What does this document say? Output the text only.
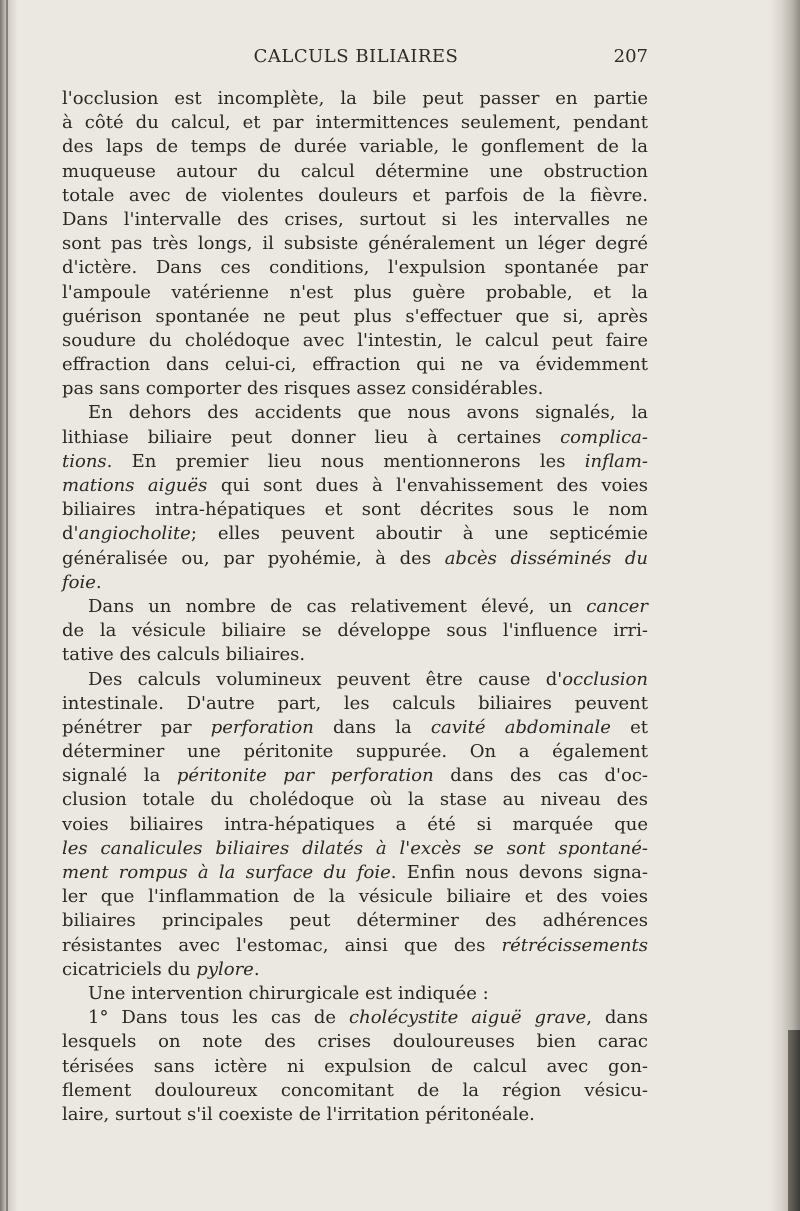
CALCULS BILIAIRES	207
l'occlusion est incomplète, la bile peut passer en partie
à côté du calcul, et par intermittences seulement, pendant
des laps de temps de durée variable, le gonflement de la
muqueuse autour du calcul détermine une obstruction
totale avec de violentes douleurs et parfois de la fièvre.
Dans l'intervalle des crises, surtout si les intervalles ne
sont pas très longs, il subsiste généralement un léger degré
d'ictère. Dans ces conditions, l'expulsion spontanée par
l'ampoule vatérienne n'est plus guère probable, et la
guérison spontanée ne peut plus s'effectuer que si, après
soudure du cholédoque avec l'intestin, le calcul peut faire
effraction dans celui-ci, effraction qui ne va évidemment
pas sans comporter des risques assez considérables.
En dehors des accidents que nous avons signalés, la
lithiase biliaire peut donner lieu à certaines complica-
tions. En premier lieu nous mentionnerons les inflam-
mations aiguës qui sont dues à l'envahissement des voies
biliaires intra-hépatiques et sont décrites sous le nom
d'angiocholite; elles peuvent aboutir à une septicémie
généralisée ou, par pyohémie, à des abcès disséminés du
foie.
Dans un nombre de cas relativement élevé, un cancer
de la vésicule biliaire se développe sous l'influence irri-
tative des calculs biliaires.
Des calculs volumineux peuvent être cause d'occlusion
intestinale. D'autre part, les calculs biliaires peuvent
pénétrer par perforation dans la cavité abdominale et
déterminer une péritonite suppurée. On a également
signalé la péritonite par perforation dans des cas d'oc-
clusion totale du cholédoque où la stase au niveau des
voies biliaires intra-hépatiques a été si marquée que
les canalicules biliaires dilatés à l'excès se sont spontané-
ment rompus à la surface du foie. Enfin nous devons signa-
ler que l'inflammation de la vésicule biliaire et des voies
biliaires principales peut déterminer des adhérences
résistantes avec l'estomac, ainsi que des rétrécissements
cicatriciels du pylore.
Une intervention chirurgicale est indiquée :
1° Dans tous les cas de cholécystite aiguë grave, dans
lesquels on note des crises douloureuses bien carac
térisées sans ictère ni expulsion de calcul avec gon-
flement douloureux concomitant de la région vésicu-
laire, surtout s'il coexiste de l'irritation péritonéale.
